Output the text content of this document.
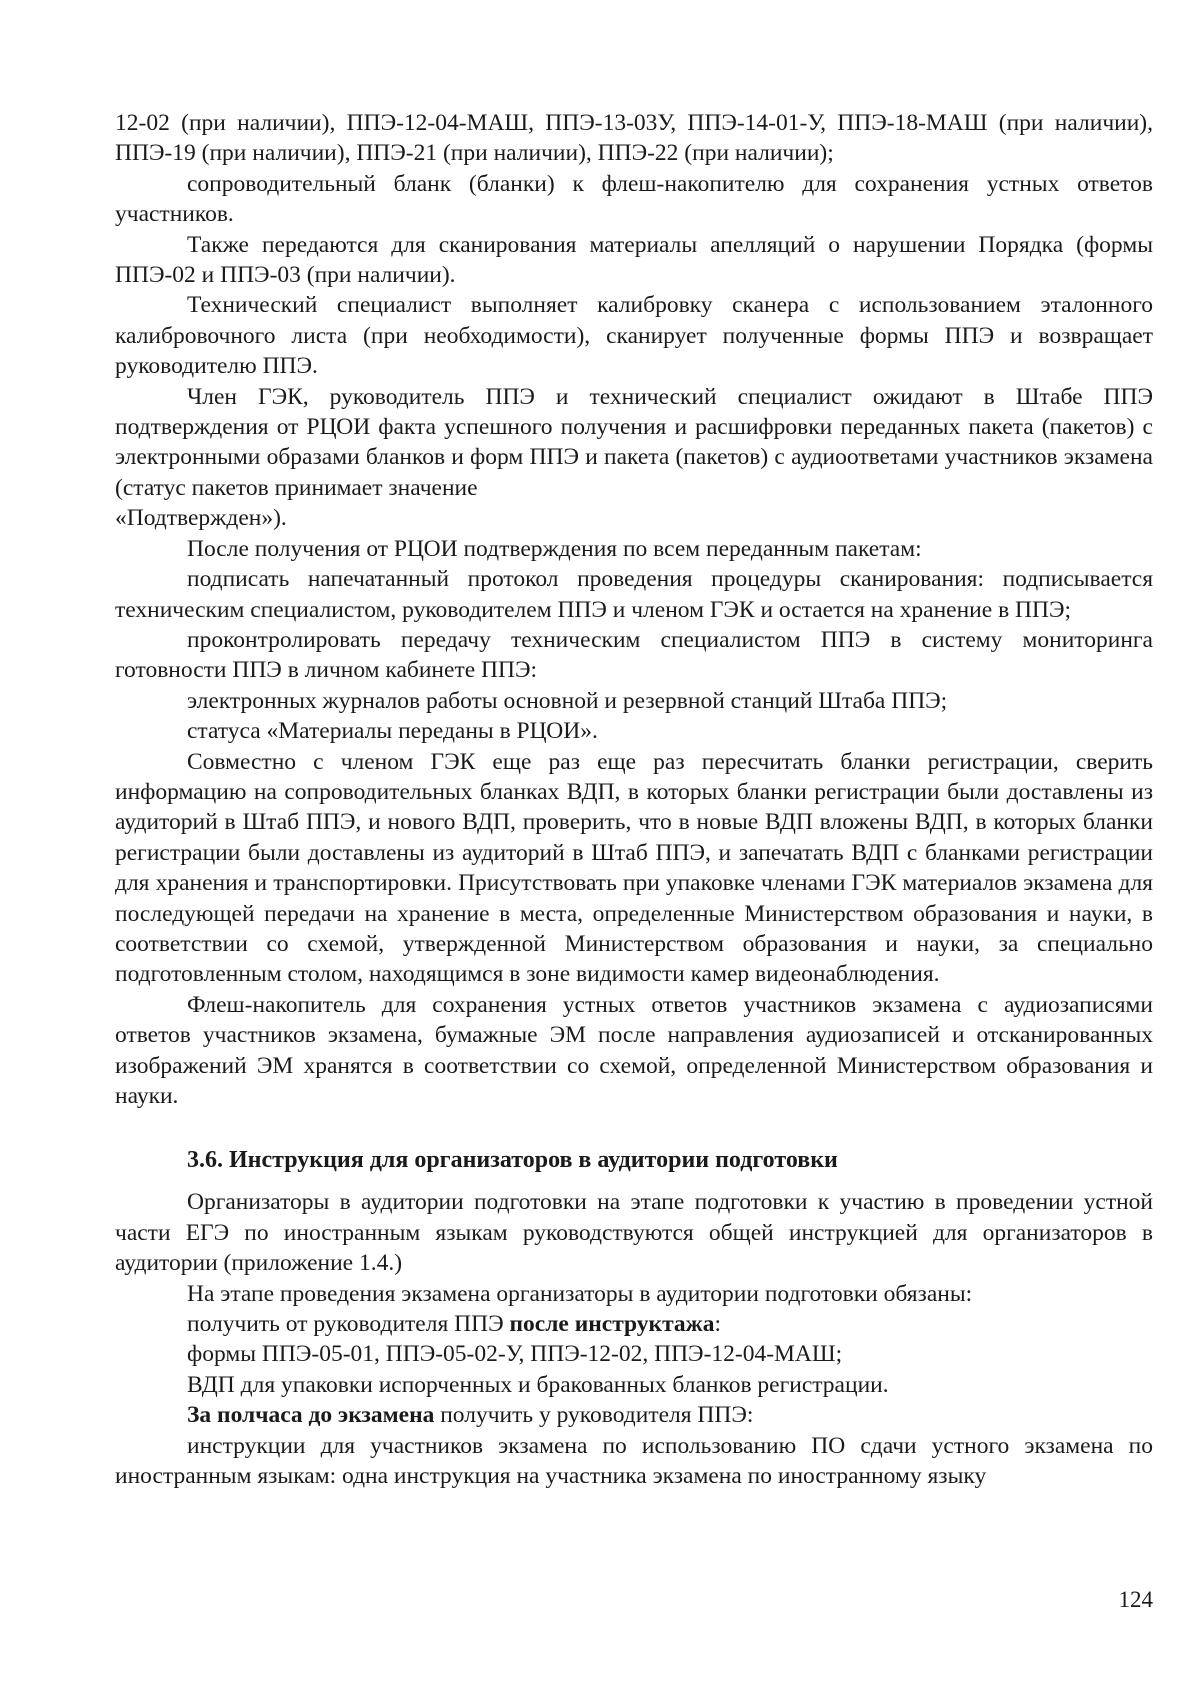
12-02 (при наличии), ППЭ-12-04-МАШ, ППЭ-13-03У, ППЭ-14-01-У, ППЭ-18-МАШ (при наличии), ППЭ-19 (при наличии), ППЭ-21 (при наличии), ППЭ-22 (при наличии);

сопроводительный бланк (бланки) к флеш-накопителю для сохранения устных ответов участников.

Также передаются для сканирования материалы апелляций о нарушении Порядка (формы ППЭ-02 и ППЭ-03 (при наличии).

Технический специалист выполняет калибровку сканера с использованием эталонного калибровочного листа (при необходимости), сканирует полученные формы ППЭ и возвращает руководителю ППЭ.

Член ГЭК, руководитель ППЭ и технический специалист ожидают в Штабе ППЭ подтверждения от РЦОИ факта успешного получения и расшифровки переданных пакета (пакетов) с электронными образами бланков и форм ППЭ и пакета (пакетов) с аудиоответами участников экзамена (статус пакетов принимает значение

«Подтвержден»).

После получения от РЦОИ подтверждения по всем переданным пакетам:

подписать напечатанный протокол проведения процедуры сканирования: подписывается техническим специалистом, руководителем ППЭ и членом ГЭК и остается на хранение в ППЭ;

проконтролировать передачу техническим специалистом ППЭ в систему мониторинга готовности ППЭ в личном кабинете ППЭ:

электронных журналов работы основной и резервной станций Штаба ППЭ;

статуса «Материалы переданы в РЦОИ».

Совместно с членом ГЭК еще раз еще раз пересчитать бланки регистрации, сверить информацию на сопроводительных бланках ВДП, в которых бланки регистрации были доставлены из аудиторий в Штаб ППЭ, и нового ВДП, проверить, что в новые ВДП вложены ВДП, в которых бланки регистрации были доставлены из аудиторий в Штаб ППЭ, и запечатать ВДП с бланками регистрации для хранения и транспортировки. Присутствовать при упаковке членами ГЭК материалов экзамена для последующей передачи на хранение в места, определенные Министерством образования и науки, в соответствии со схемой, утвержденной Министерством образования и науки, за специально подготовленным столом, находящимся в зоне видимости камер видеонаблюдения.

Флеш-накопитель для сохранения устных ответов участников экзамена с аудиозаписями ответов участников экзамена, бумажные ЭМ после направления аудиозаписей и отсканированных изображений ЭМ хранятся в соответствии со схемой, определенной Министерством образования и науки.

3.6. Инструкция для организаторов в аудитории подготовки

Организаторы в аудитории подготовки на этапе подготовки к участию в проведении устной части ЕГЭ по иностранным языкам руководствуются общей инструкцией для организаторов в аудитории (приложение 1.4.)

На этапе проведения экзамена организаторы в аудитории подготовки обязаны:

получить от руководителя ППЭ после инструктажа:

формы ППЭ-05-01, ППЭ-05-02-У, ППЭ-12-02, ППЭ-12-04-МАШ;

ВДП для упаковки испорченных и бракованных бланков регистрации.

За полчаса до экзамена получить у руководителя ППЭ:

инструкции для участников экзамена по использованию ПО сдачи устного экзамена по иностранным языкам: одна инструкция на участника экзамена по иностранному языку

124
